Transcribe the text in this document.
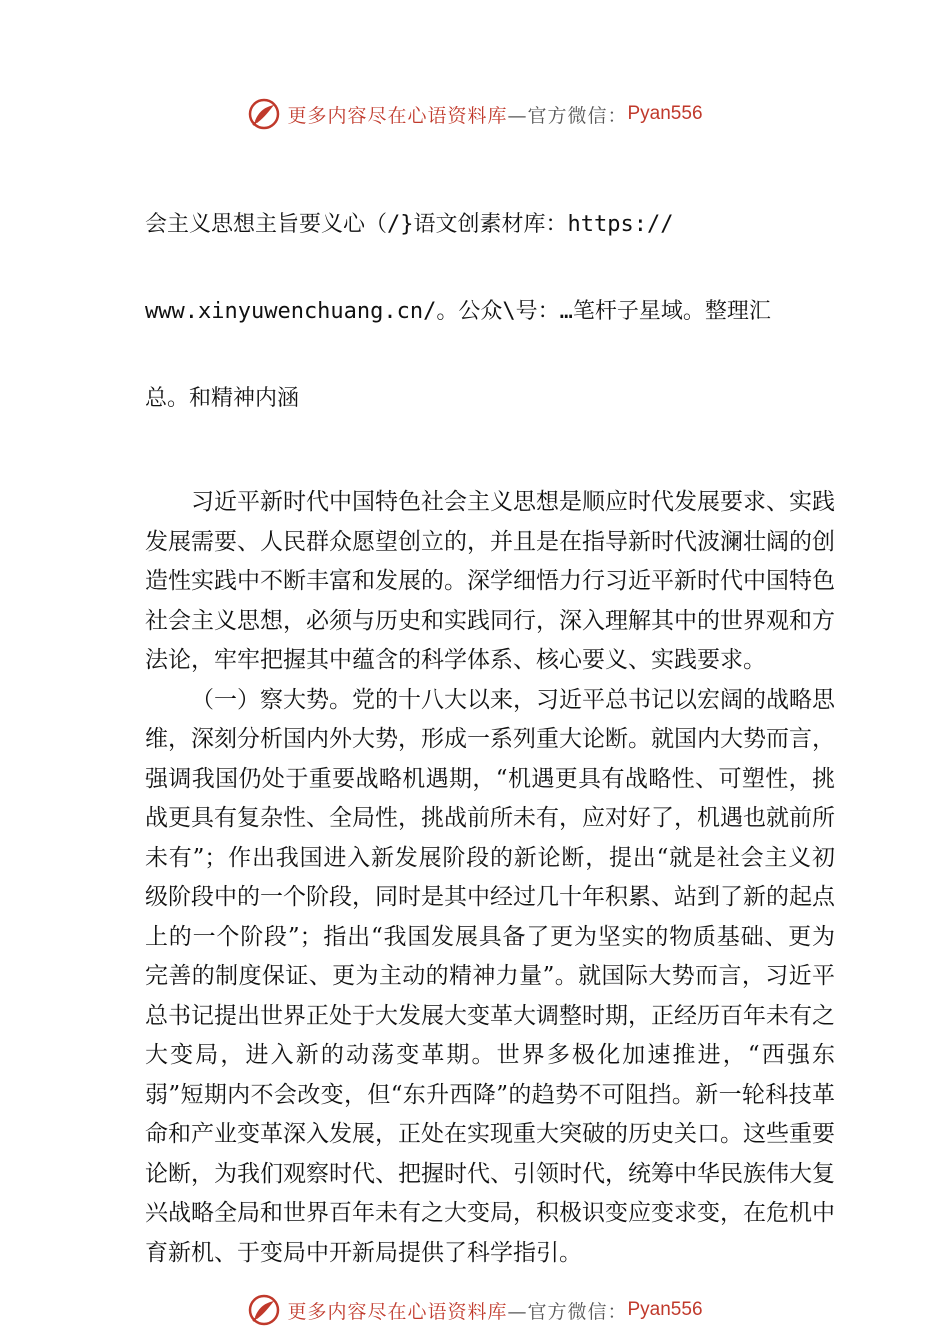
更多内容尽在心语资料库 —官方微信： Pyan556

会主义思想主旨要义心（/}语文创素材库：https://

www.xinyuwenchuang.cn/。公众\号：…笔杆子星域。整理汇

总。和精神内涵

习近平新时代中国特色社会主义思想是顺应时代发展要求、实践发展需要、人民群众愿望创立的，并且是在指导新时代波澜壮阔的创造性实践中不断丰富和发展的。深学细悟力行习近平新时代中国特色社会主义思想，必须与历史和实践同行，深入理解其中的世界观和方法论，牢牢把握其中蕴含的科学体系、核心要义、实践要求。

（一）察大势。党的十八大以来，习近平总书记以宏阔的战略思维，深刻分析国内外大势，形成一系列重大论断。就国内大势而言，强调我国仍处于重要战略机遇期，“机遇更具有战略性、可塑性，挑战更具有复杂性、全局性，挑战前所未有，应对好了，机遇也就前所未有”；作出我国进入新发展阶段的新论断，提出“就是社会主义初级阶段中的一个阶段，同时是其中经过几十年积累、站到了新的起点上的一个阶段”；指出“我国发展具备了更为坚实的物质基础、更为完善的制度保证、更为主动的精神力量”。就国际大势而言，习近平总书记提出世界正处于大发展大变革大调整时期，正经历百年未有之大变局，进入新的动荡变革期。世界多极化加速推进，“西强东弱”短期内不会改变，但“东升西降”的趋势不可阻挡。新一轮科技革命和产业变革深入发展，正处在实现重大突破的历史关口。这些重要论断，为我们观察时代、把握时代、引领时代，统筹中华民族伟大复兴战略全局和世界百年未有之大变局，积极识变应变求变，在危机中育新机、于变局中开新局提供了科学指引。

更多内容尽在心语资料库 —官方微信： Pyan556
